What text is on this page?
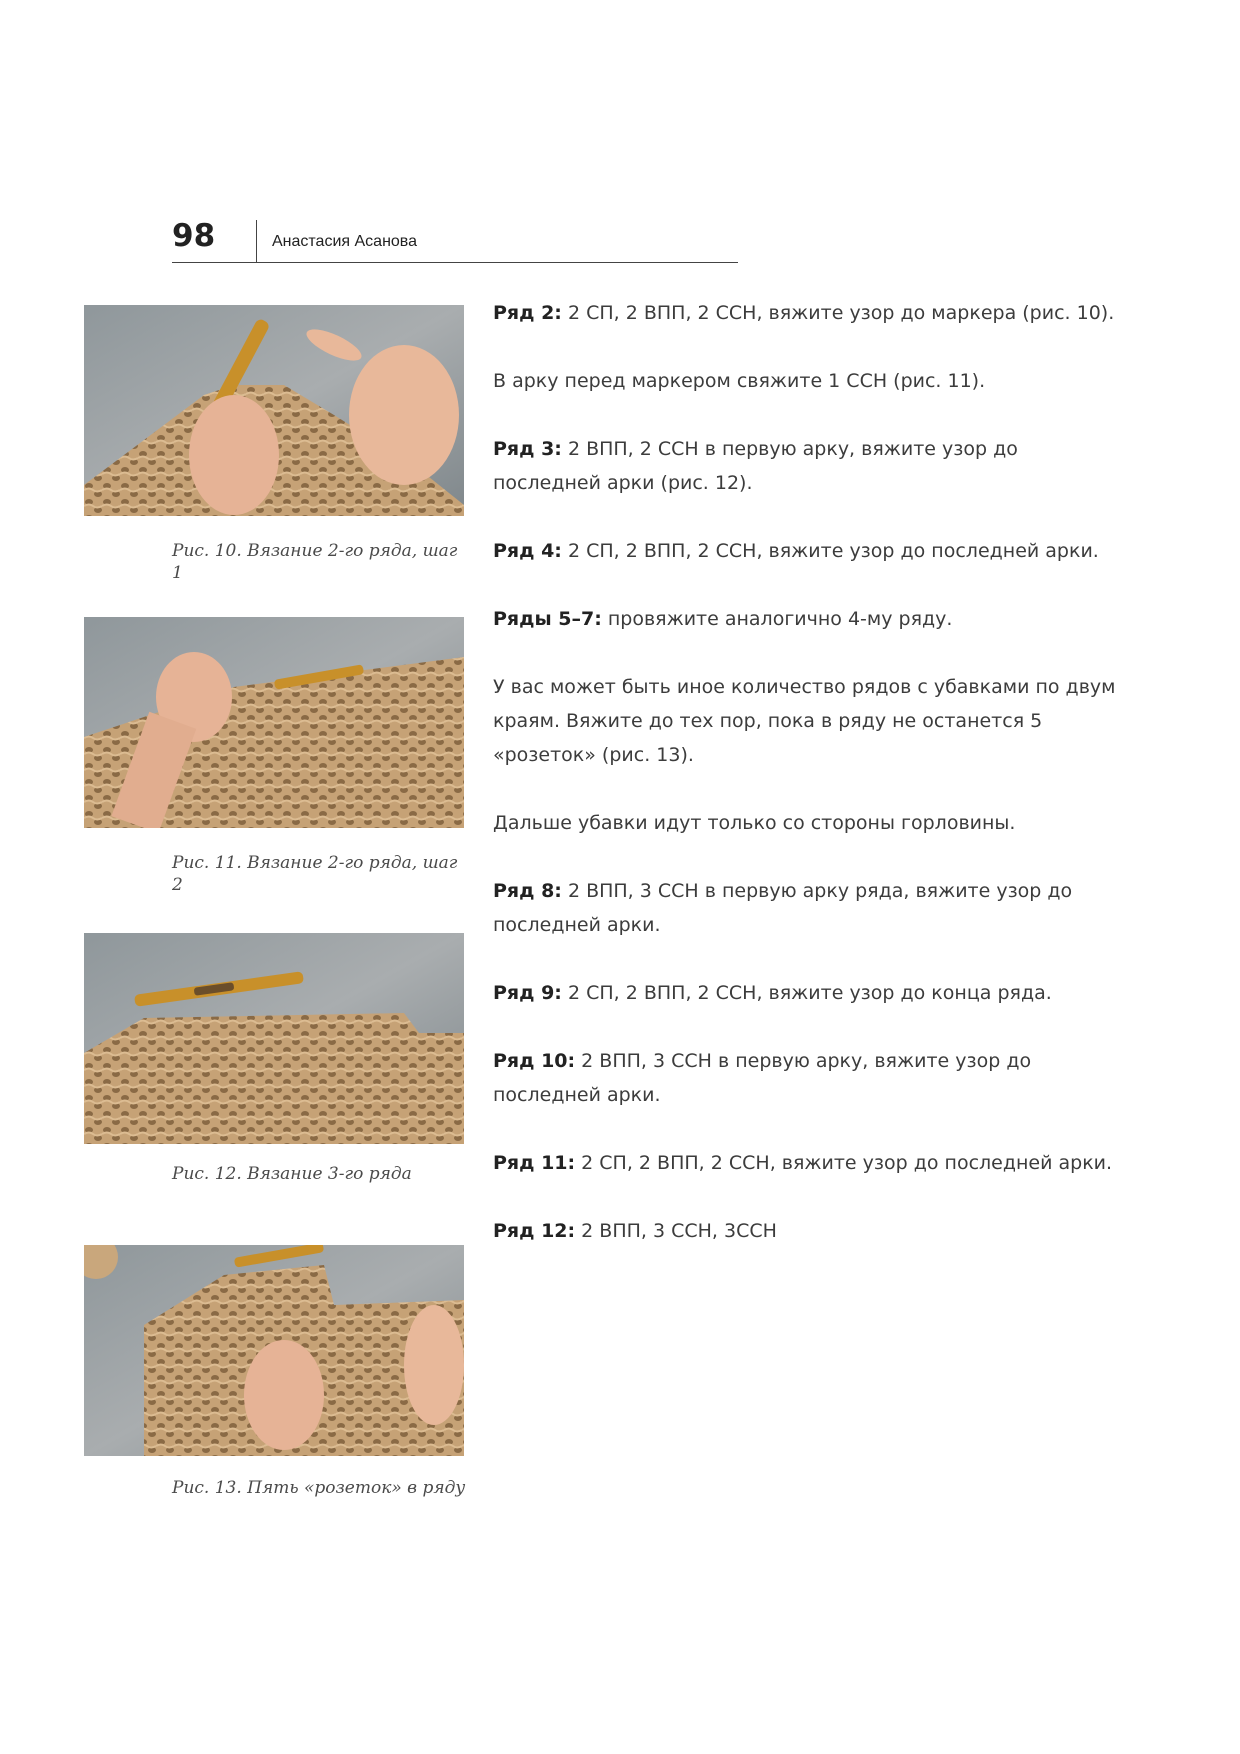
98	Анастасия Асанова
Рис. 10. Вязание 2-го ряда, шаг 1
Рис. 11. Вязание 2-го ряда, шаг 2
Рис. 12. Вязание 3-го ряда
Рис. 13. Пять «розеток» в ряду

Ряд 2: 2 СП, 2 ВПП, 2 ССН, вяжите узор до маркера (рис. 10).

В арку перед маркером свяжите 1 ССН (рис. 11).

Ряд 3: 2 ВПП, 2 ССН в первую арку, вяжите узор до последней арки (рис. 12).

Ряд 4: 2 СП, 2 ВПП, 2 ССН, вяжите узор до последней арки.

Ряды 5–7: провяжите аналогично 4-му ряду.

У вас может быть иное количество рядов с убавками по двум краям. Вяжите до тех пор, пока в ряду не останется 5 «розеток» (рис. 13).

Дальше убавки идут только со стороны горловины.

Ряд 8: 2 ВПП, 3 ССН в первую арку ряда, вяжите узор до последней арки.

Ряд 9: 2 СП, 2 ВПП, 2 ССН, вяжите узор до конца ряда.

Ряд 10: 2 ВПП, 3 ССН в первую арку, вяжите узор до последней арки.

Ряд 11: 2 СП, 2 ВПП, 2 ССН, вяжите узор до последней арки.

Ряд 12: 2 ВПП, 3 ССН, 3ССН
